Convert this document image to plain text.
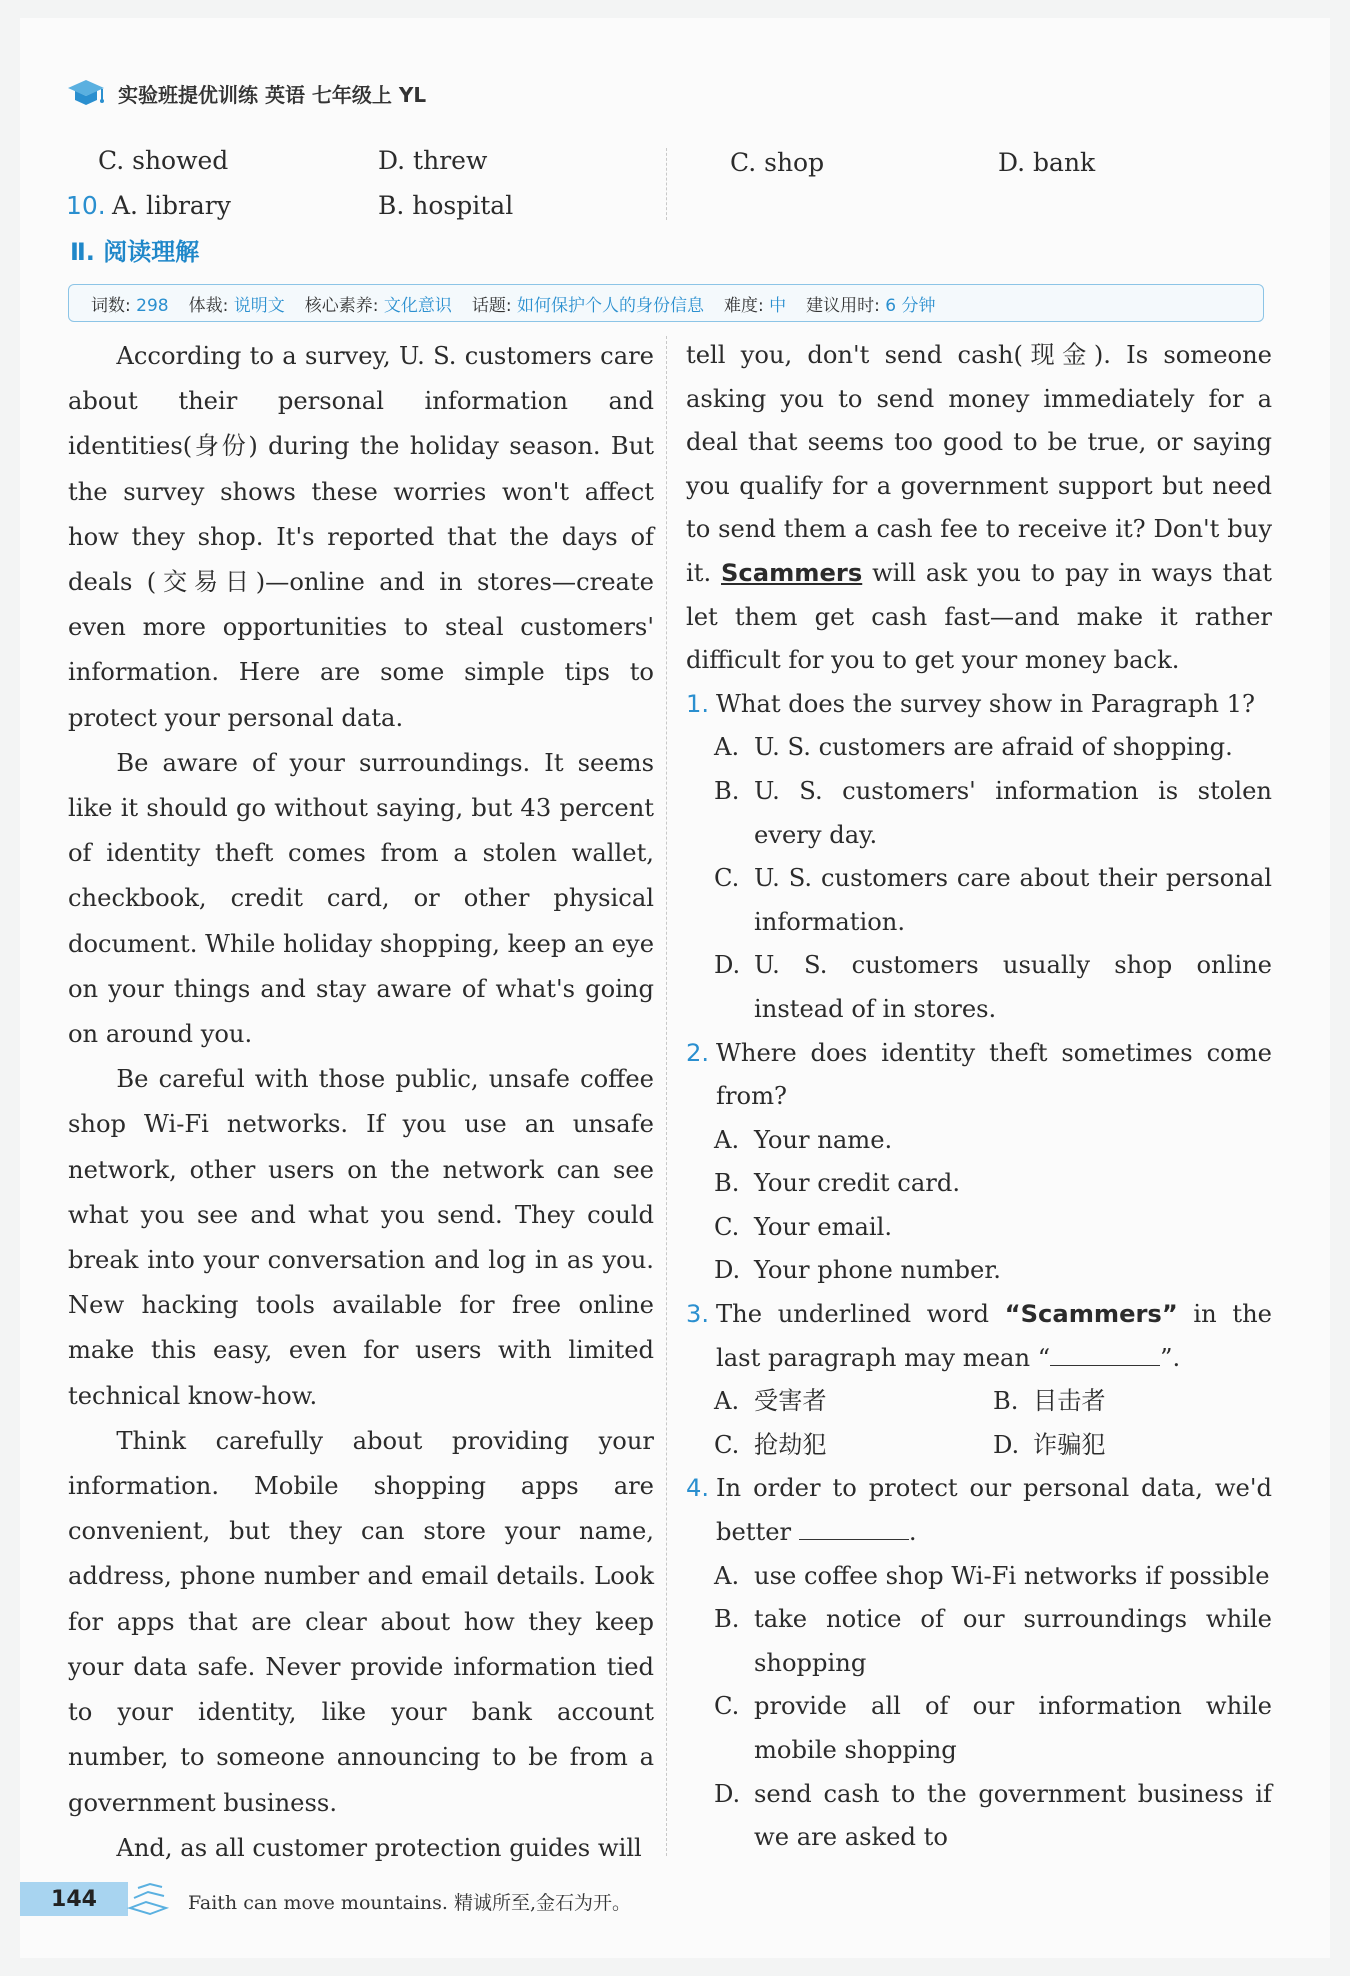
实验班提优训练 英语 七年级上 YL
C. showed	D. threw	C. shop	D. bank
10. A. library	B. hospital
Ⅱ. 阅读理解
词数: 298 体裁: 说明文 核心素养: 文化意识 话题: 如何保护个人的身份信息 难度: 中 建议用时: 6 分钟

According to a survey, U. S. customers care about their personal information and identities(身份) during the holiday season. But the survey shows these worries won't affect how they shop. It's reported that the days of deals (交易日)—online and in stores—create even more opportunities to steal customers' information. Here are some simple tips to protect your personal data.

Be aware of your surroundings. It seems like it should go without saying, but 43 percent of identity theft comes from a stolen wallet, checkbook, credit card, or other physical document. While holiday shopping, keep an eye on your things and stay aware of what's going on around you.

Be careful with those public, unsafe coffee shop Wi-Fi networks. If you use an unsafe network, other users on the network can see what you see and what you send. They could break into your conversation and log in as you. New hacking tools available for free online make this easy, even for users with limited technical know-how.

Think carefully about providing your information. Mobile shopping apps are convenient, but they can store your name, address, phone number and email details. Look for apps that are clear about how they keep your data safe. Never provide information tied to your identity, like your bank account number, to someone announcing to be from a government business.

And, as all customer protection guides will

tell you, don't send cash(现金). Is someone asking you to send money immediately for a deal that seems too good to be true, or saying you qualify for a government support but need to send them a cash fee to receive it? Don't buy it. Scammers will ask you to pay in ways that let them get cash fast—and make it rather difficult for you to get your money back.

1. What does the survey show in Paragraph 1?
A. U. S. customers are afraid of shopping.
B. U. S. customers' information is stolen every day.
C. U. S. customers care about their personal information.
D. U. S. customers usually shop online instead of in stores.
2. Where does identity theft sometimes come from?
A. Your name.
B. Your credit card.
C. Your email.
D. Your phone number.
3. The underlined word “Scammers” in the last paragraph may mean “	”.
A. 受害者	B. 目击者
C. 抢劫犯	D. 诈骗犯
4. In order to protect our personal data, we'd better	.
A. use coffee shop Wi-Fi networks if possible
B. take notice of our surroundings while shopping
C. provide all of our information while mobile shopping
D. send cash to the government business if we are asked to
144	Faith can move mountains. 精诚所至,金石为开。
